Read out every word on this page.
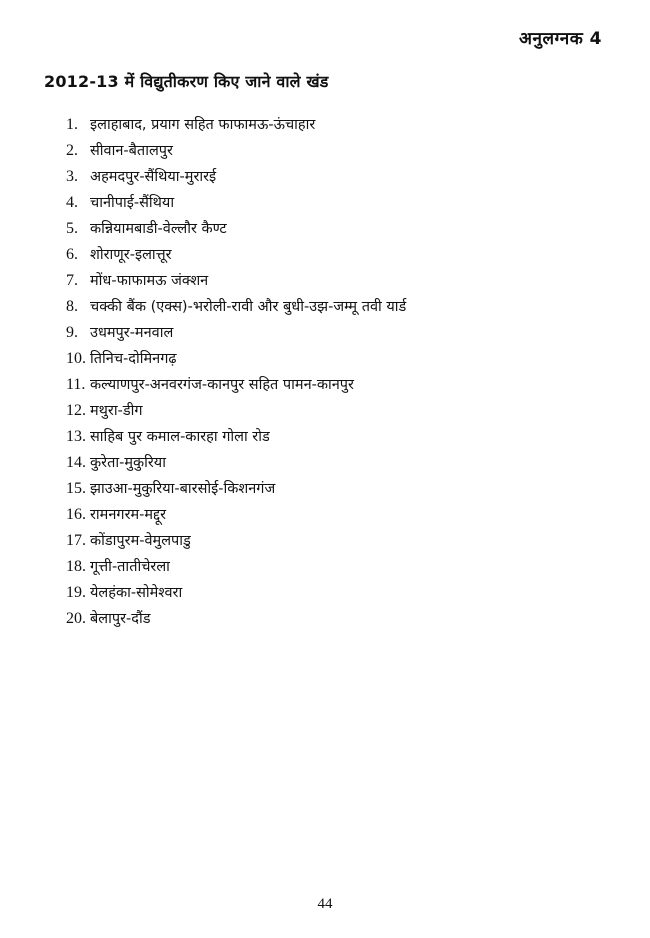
अनुलग्नक 4
2012-13 में विद्युतीकरण किए जाने वाले खंड
1. इलाहाबाद, प्रयाग सहित फाफामऊ-ऊंचाहार
2. सीवान-बैतालपुर
3. अहमदपुर-सैंथिया-मुरारई
4. चानीपाई-सैंथिया
5. कन्नियामबाडी-वेल्लौर कैण्ट
6. शोराणूर-इलात्तूर
7. मोंध-फाफामऊ जंक्शन
8. चक्की बैंक (एक्स)-भरोली-रावी और बुधी-उझ-जम्मू तवी यार्ड
9. उधमपुर-मनवाल
10. तिनिच-दोमिनगढ़
11. कल्याणपुर-अनवरगंज-कानपुर सहित पामन-कानपुर
12. मथुरा-डीग
13. साहिब पुर कमाल-कारहा गोला रोड
14. कुरेता-मुकुरिया
15. झाउआ-मुकुरिया-बारसोई-किशनगंज
16. रामनगरम-मद्दूर
17. कोंडापुरम-वेमुलपाडु
18. गूत्ती-तातीचेरला
19. येलहंका-सोमेश्वरा
20. बेलापुर-दौंड
44
